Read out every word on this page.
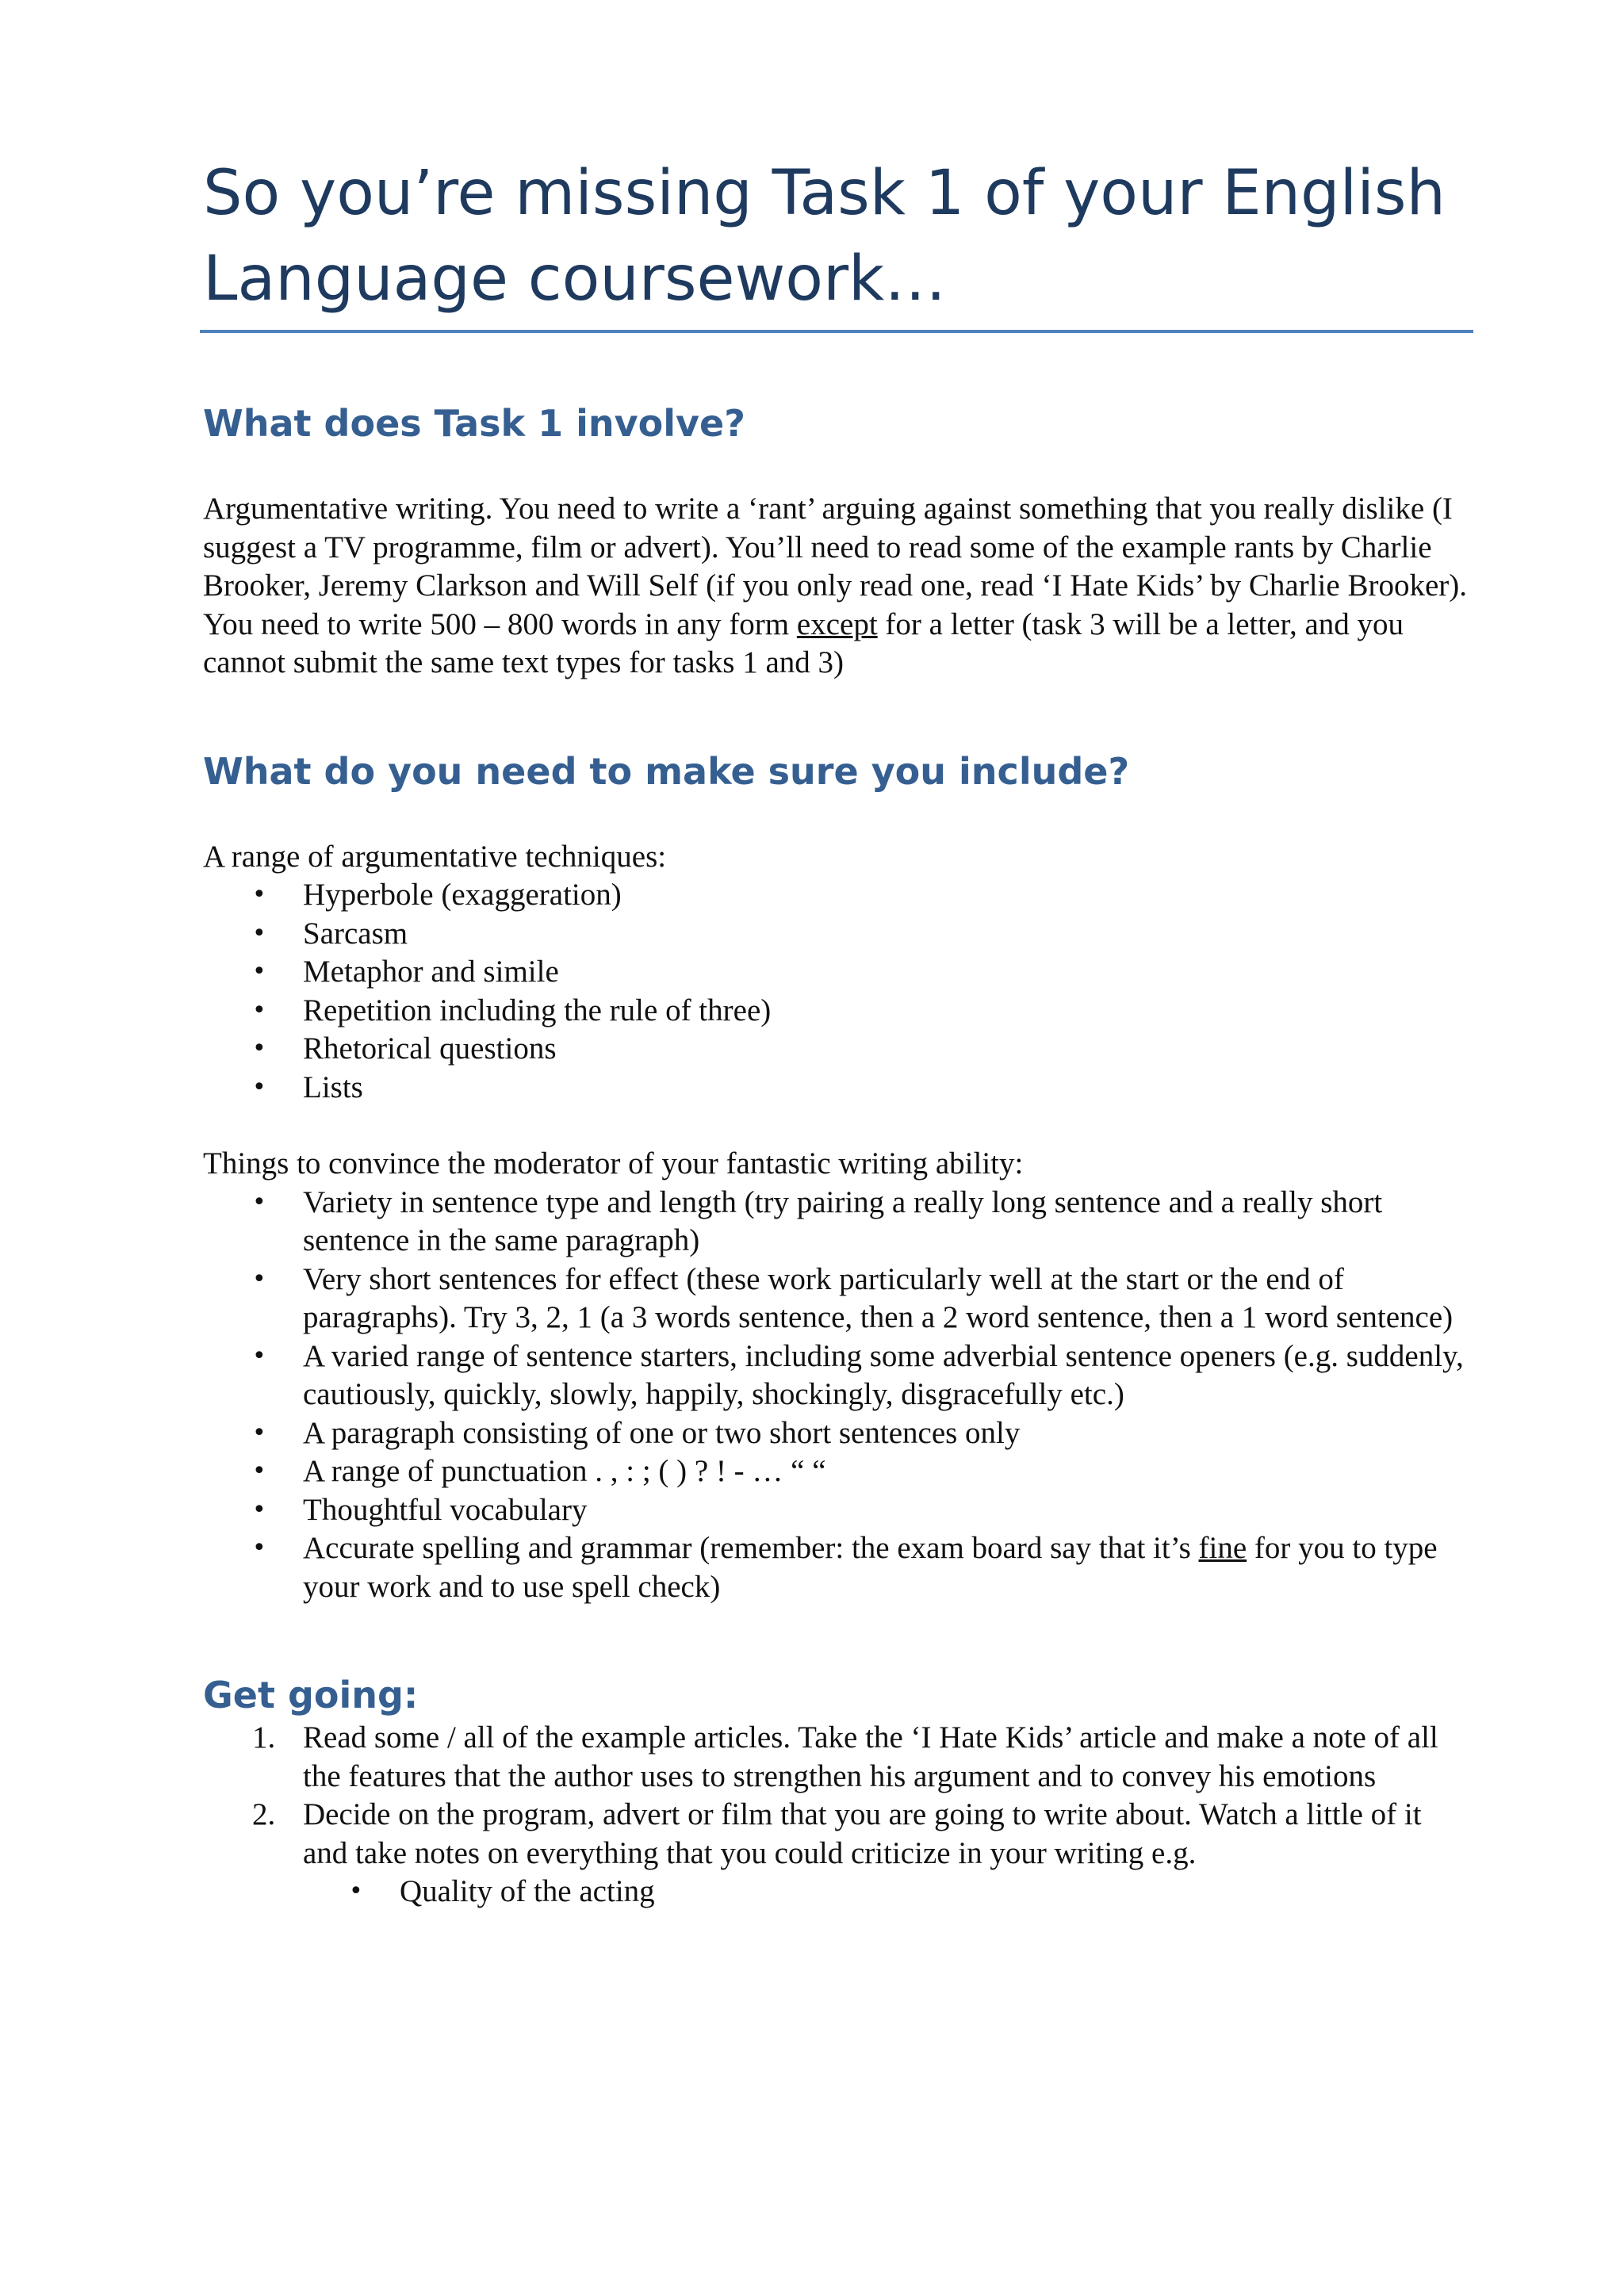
So you’re missing Task 1 of your English Language coursework…
What does Task 1 involve?

Argumentative writing. You need to write a ‘rant’ arguing against something that you really dislike (I suggest a TV programme, film or advert). You’ll need to read some of the example rants by Charlie Brooker, Jeremy Clarkson and Will Self (if you only read one, read ‘I Hate Kids’ by Charlie Brooker).

You need to write 500 – 800 words in any form except for a letter (task 3 will be a letter, and you cannot submit the same text types for tasks 1 and 3)

What do you need to make sure you include?

A range of argumentative techniques:

• Hyperbole (exaggeration)
• Sarcasm
• Metaphor and simile
• Repetition including the rule of three)
• Rhetorical questions
• Lists

Things to convince the moderator of your fantastic writing ability:

• Variety in sentence type and length (try pairing a really long sentence and a really short sentence in the same paragraph)
• Very short sentences for effect (these work particularly well at the start or the end of paragraphs). Try 3, 2, 1 (a 3 words sentence, then a 2 word sentence, then a 1 word sentence)
• A varied range of sentence starters, including some adverbial sentence openers (e.g. suddenly, cautiously, quickly, slowly, happily, shockingly, disgracefully etc.)
• A paragraph consisting of one or two short sentences only
• A range of punctuation . , : ; ( ) ? ! - … “ “
• Thoughtful vocabulary
• Accurate spelling and grammar (remember: the exam board say that it’s fine for you to type your work and to use spell check)
Get going:
1. Read some / all of the example articles. Take the ‘I Hate Kids’ article and make a note of all the features that the author uses to strengthen his argument and to convey his emotions
2. Decide on the program, advert or film that you are going to write about. Watch a little of it and take notes on everything that you could criticize in your writing e.g.
• Quality of the acting
